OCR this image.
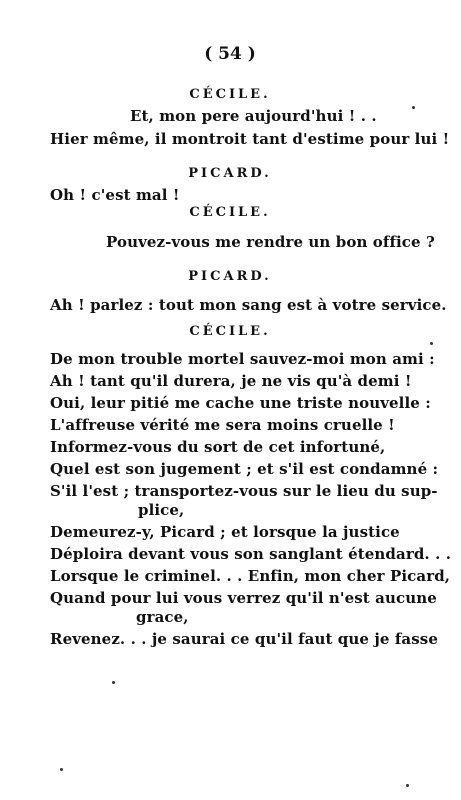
( 54 )
CÉCILE.
Et, mon pere aujourd'hui ! . .
Hier même, il montroit tant d'estime pour lui !
PICARD.
Oh ! c'est mal !
CÉCILE.
Pouvez-vous me rendre un bon office ?
PICARD.
Ah ! parlez : tout mon sang est à votre service.
CÉCILE.
De mon trouble mortel sauvez-moi mon ami :
Ah ! tant qu'il durera, je ne vis qu'à demi !
Oui, leur pitié me cache une triste nouvelle :
L'affreuse vérité me sera moins cruelle !
Informez-vous du sort de cet infortuné,
Quel est son jugement ; et s'il est condamné :
S'il l'est ; transportez-vous sur le lieu du sup-
plice,
Demeurez-y, Picard ; et lorsque la justice
Déploira devant vous son sanglant étendard. . .
Lorsque le criminel. . . Enfin, mon cher Picard,
Quand pour lui vous verrez qu'il n'est aucune
grace,
Revenez. . . je saurai ce qu'il faut que je fasse
